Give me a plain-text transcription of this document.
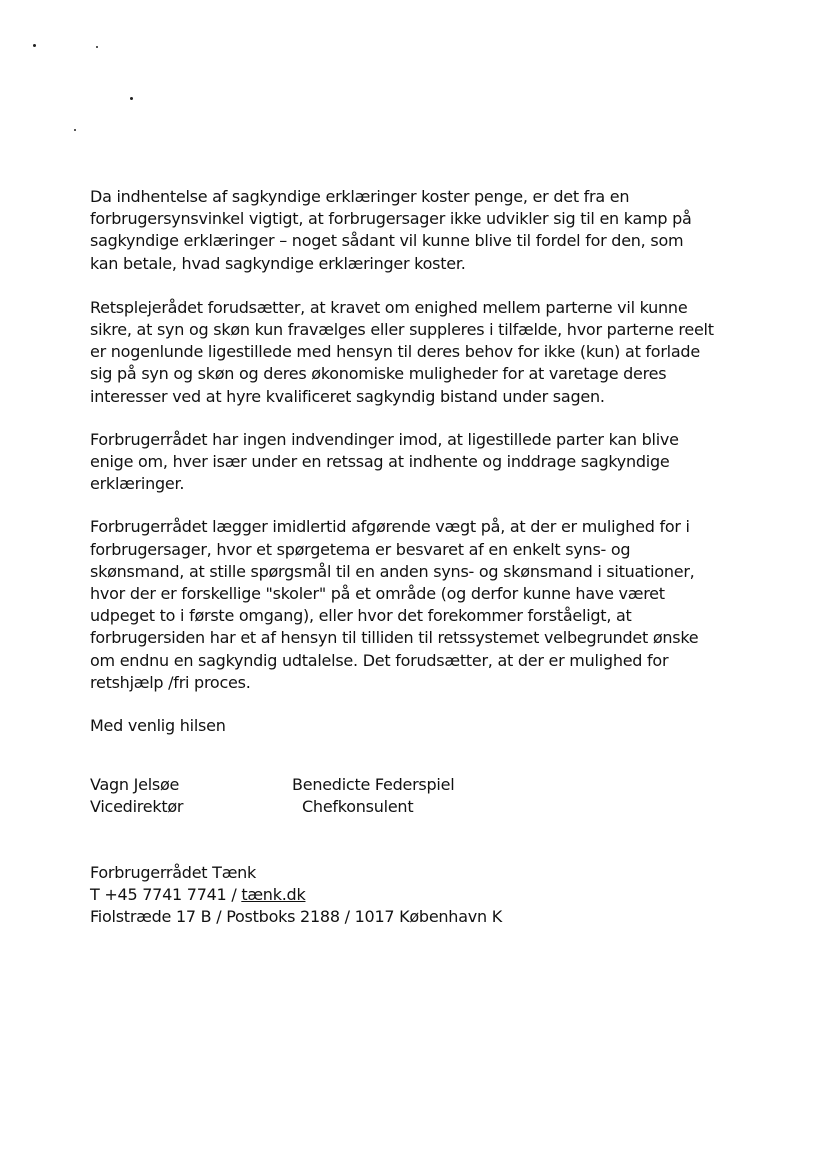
Da indhentelse af sagkyndige erklæringer koster penge, er det fra en
forbrugersynsvinkel vigtigt, at forbrugersager ikke udvikler sig til en kamp på
sagkyndige erklæringer – noget sådant vil kunne blive til fordel for den, som
kan betale, hvad sagkyndige erklæringer koster.

Retsplejerådet forudsætter, at kravet om enighed mellem parterne vil kunne
sikre, at syn og skøn kun fravælges eller suppleres i tilfælde, hvor parterne reelt
er nogenlunde ligestillede med hensyn til deres behov for ikke (kun) at forlade
sig på syn og skøn og deres økonomiske muligheder for at varetage deres
interesser ved at hyre kvalificeret sagkyndig bistand under sagen.

Forbrugerrådet har ingen indvendinger imod, at ligestillede parter kan blive
enige om, hver især under en retssag at indhente og inddrage sagkyndige
erklæringer.

Forbrugerrådet lægger imidlertid afgørende vægt på, at der er mulighed for i
forbrugersager, hvor et spørgetema er besvaret af en enkelt syns- og
skønsmand, at stille spørgsmål til en anden syns- og skønsmand i situationer,
hvor der er forskellige "skoler" på et område (og derfor kunne have været
udpeget to i første omgang), eller hvor det forekommer forståeligt, at
forbrugersiden har et af hensyn til tilliden til retssystemet velbegrundet ønske
om endnu en sagkyndig udtalelse. Det forudsætter, at der er mulighed for
retshjælp /fri proces.

Med venlig hilsen

Vagn Jelsøe
Vicedirektør
Benedicte Federspiel
Chefkonsulent
Forbrugerrådet Tænk
T +45 7741 7741 / tænk.dk
Fiolstræde 17 B / Postboks 2188 / 1017 København K
